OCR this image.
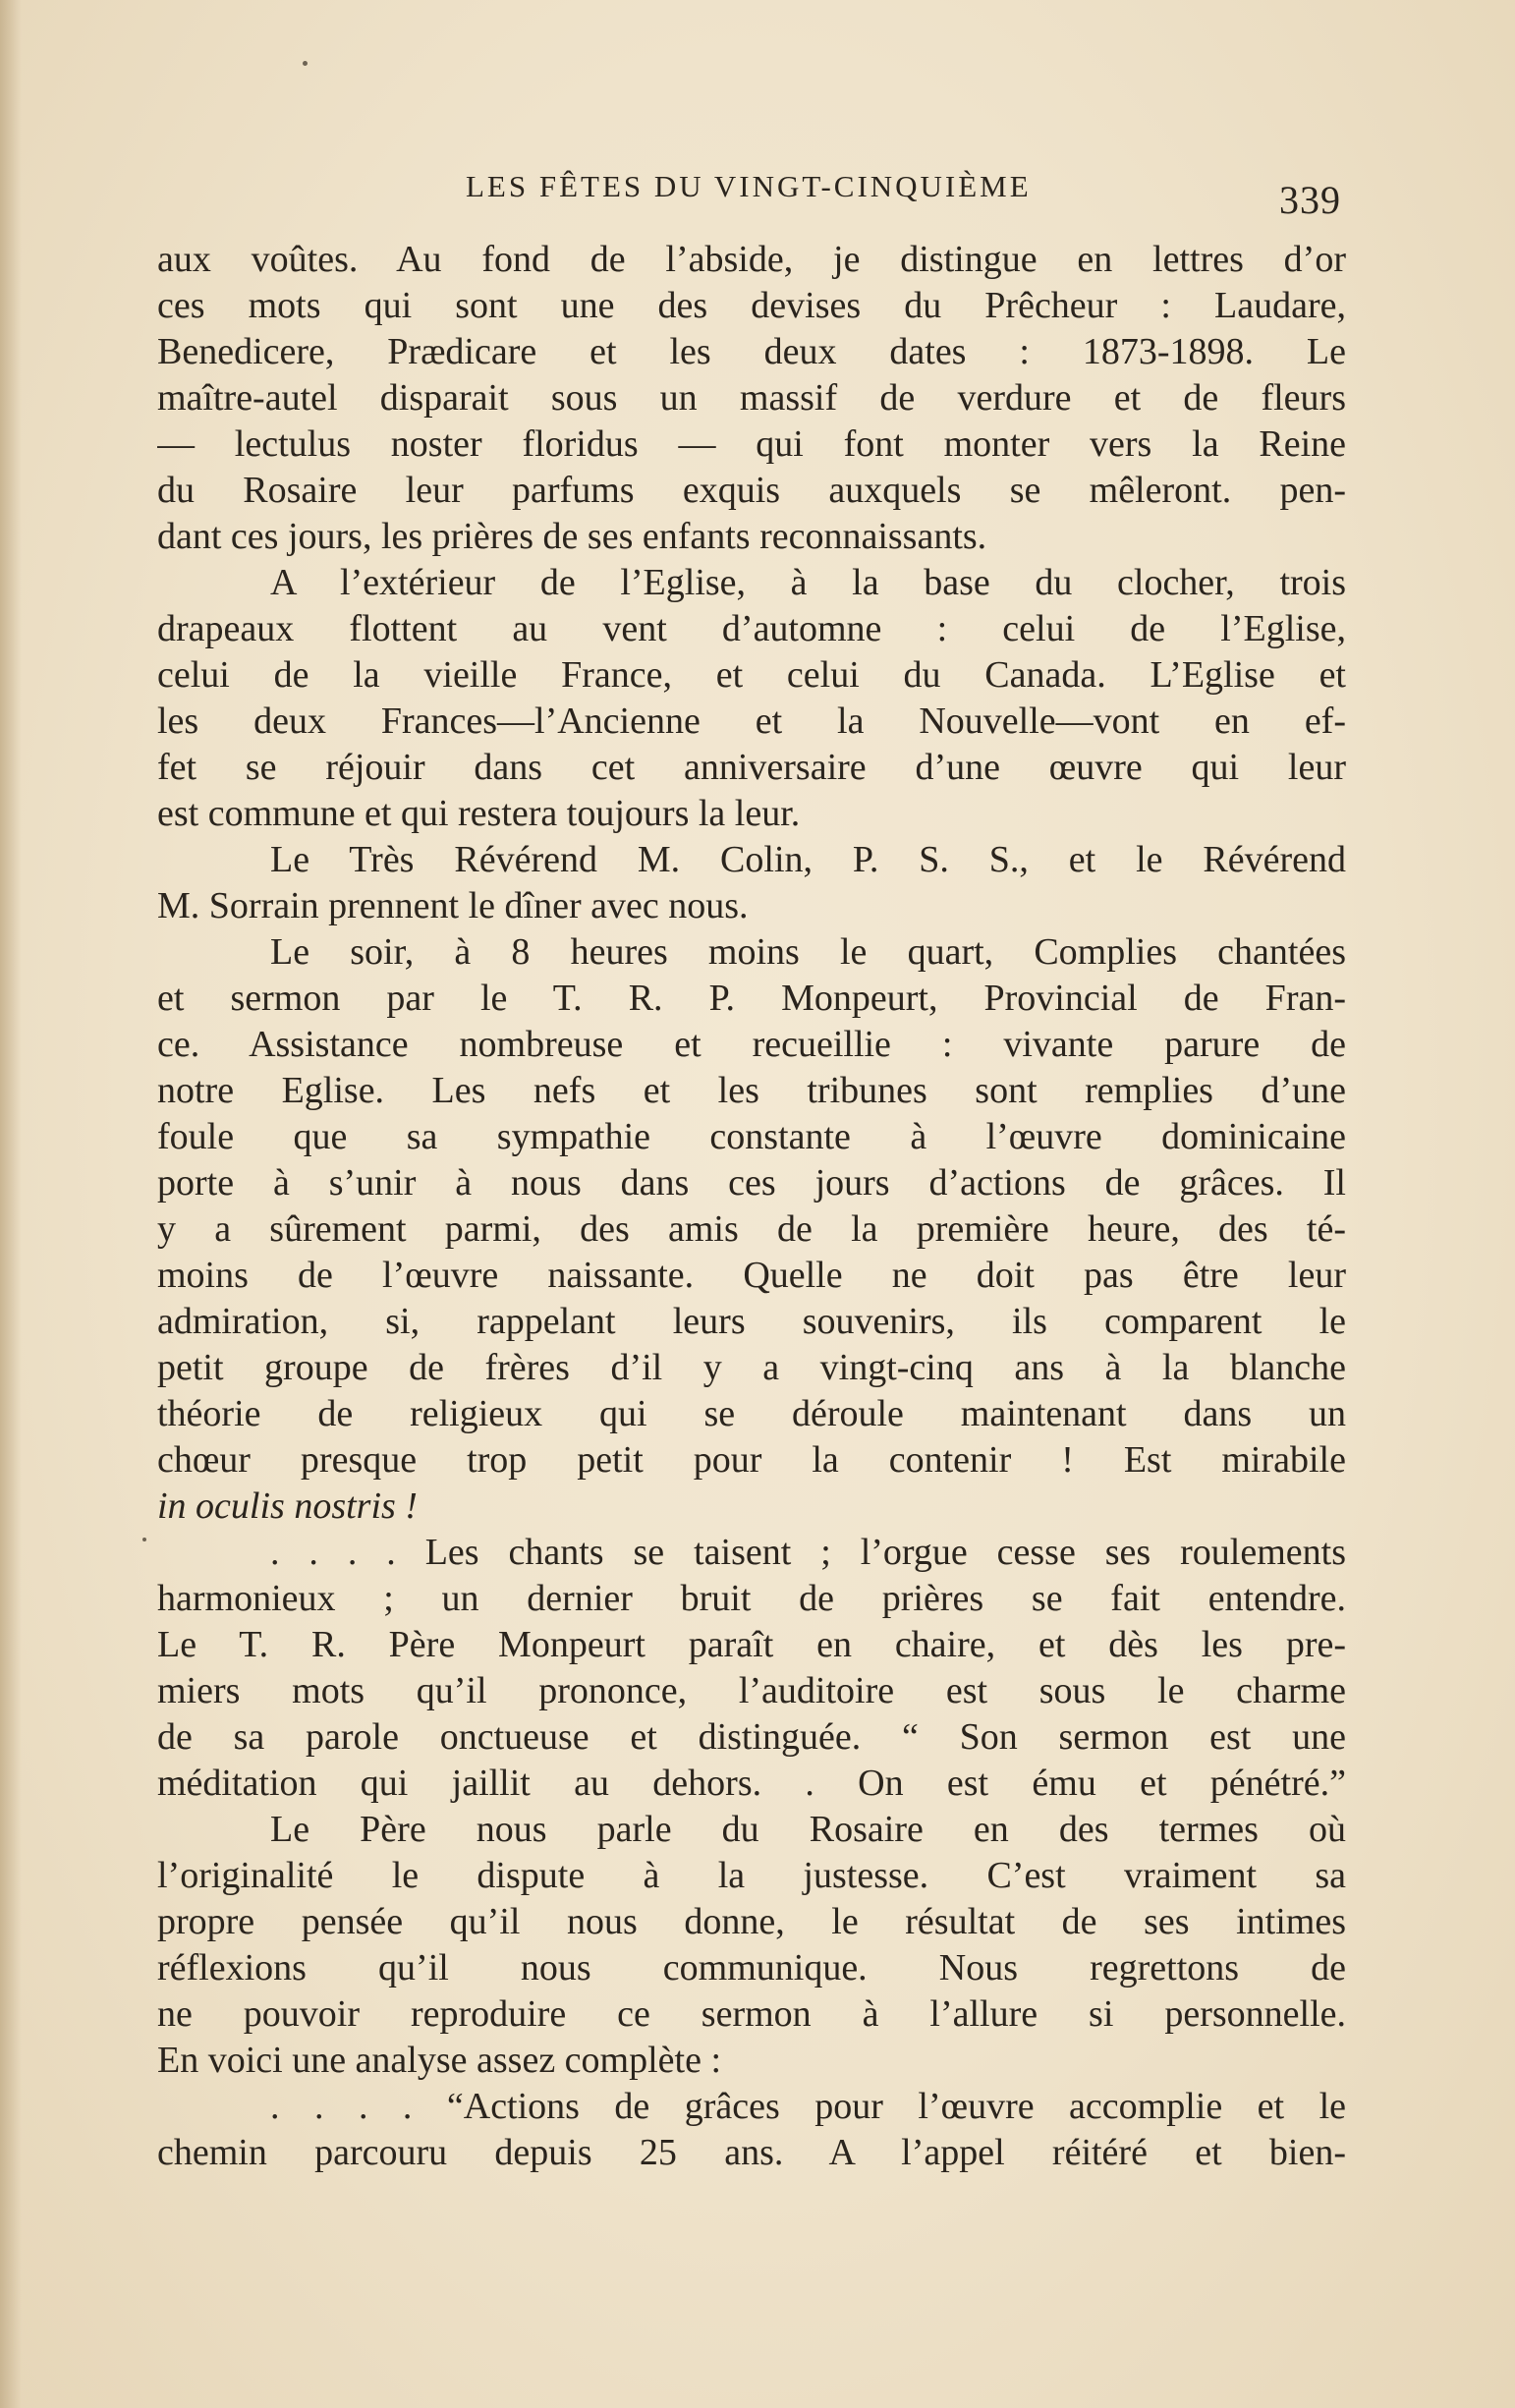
LES FÊTES DU VINGT-CINQUIÈME	339
aux voûtes. Au fond de l’abside, je distingue en lettres d’or
ces mots qui sont une des devises du Prêcheur : Laudare,
Benedicere, Prædicare et les deux dates : 1873-1898. Le
maître-autel disparait sous un massif de verdure et de fleurs
— lectulus noster floridus — qui font monter vers la Reine
du Rosaire leur parfums exquis auxquels se mêleront. pen-
dant ces jours, les prières de ses enfants reconnaissants.
A l’extérieur de l’Eglise, à la base du clocher, trois
drapeaux flottent au vent d’automne : celui de l’Eglise,
celui de la vieille France, et celui du Canada. L’Eglise et
les deux Frances—l’Ancienne et la Nouvelle—vont en ef-
fet se réjouir dans cet anniversaire d’une œuvre qui leur
est commune et qui restera toujours la leur.
Le Très Révérend M. Colin, P. S. S., et le Révérend
M. Sorrain prennent le dîner avec nous.
Le soir, à 8 heures moins le quart, Complies chantées
et sermon par le T. R. P. Monpeurt, Provincial de Fran-
ce. Assistance nombreuse et recueillie : vivante parure de
notre Eglise. Les nefs et les tribunes sont remplies d’une
foule que sa sympathie constante à l’œuvre dominicaine
porte à s’unir à nous dans ces jours d’actions de grâces. Il
y a sûrement parmi, des amis de la première heure, des té-
moins de l’œuvre naissante. Quelle ne doit pas être leur
admiration, si, rappelant leurs souvenirs, ils comparent le
petit groupe de frères d’il y a vingt-cinq ans à la blanche
théorie de religieux qui se déroule maintenant dans un
chœur presque trop petit pour la contenir ! Est mirabile
in oculis nostris !
. . . . Les chants se taisent ; l’orgue cesse ses roulements
harmonieux ; un dernier bruit de prières se fait entendre.
Le T. R. Père Monpeurt paraît en chaire, et dès les pre-
miers mots qu’il prononce, l’auditoire est sous le charme
de sa parole onctueuse et distinguée. “ Son sermon est une
méditation qui jaillit au dehors. . On est ému et pénétré.”
Le Père nous parle du Rosaire en des termes où
l’originalité le dispute à la justesse. C’est vraiment sa
propre pensée qu’il nous donne, le résultat de ses intimes
réflexions qu’il nous communique. Nous regrettons de
ne pouvoir reproduire ce sermon à l’allure si personnelle.
En voici une analyse assez complète :
. . . . “Actions de grâces pour l’œuvre accomplie et le
chemin parcouru depuis 25 ans. A l’appel réitéré et bien-
